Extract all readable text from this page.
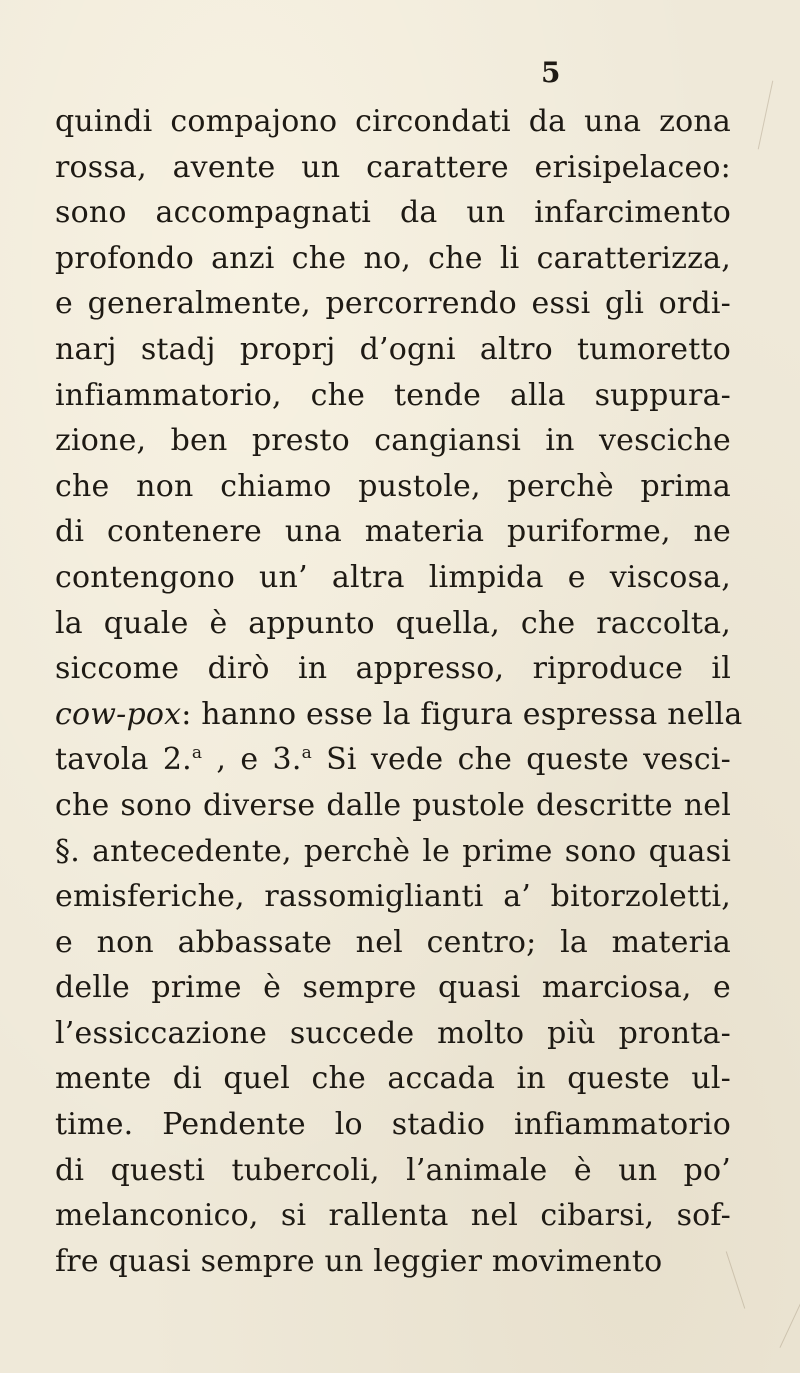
5
quindi compajono circondati da una zona
rossa, avente un carattere erisipelaceo:
sono accompagnati da un infarcimento
profondo anzi che no, che li caratterizza,
e generalmente, percorrendo essi gli ordi-
narj stadj proprj d’ogni altro tumoretto
infiammatorio, che tende alla suppura-
zione, ben presto cangiansi in vesciche
che non chiamo pustole, perchè prima
di contenere una materia puriforme, ne
contengono un’ altra limpida e viscosa,
la quale è appunto quella, che raccolta,
siccome dirò in appresso, riproduce il
cow-pox: hanno esse la figura espressa nella
tavola 2.$^a$ , e 3.$^a$ Si vede che queste vesci-
che sono diverse dalle pustole descritte nel
§. antecedente, perchè le prime sono quasi
emisferiche, rassomiglianti a’ bitorzoletti,
e non abbassate nel centro; la materia
delle prime è sempre quasi marciosa, e
l’essiccazione succede molto più pronta-
mente di quel che accada in queste ul-
time. Pendente lo stadio infiammatorio
di questi tubercoli, l’animale è un po’
melanconico, si rallenta nel cibarsi, sof-
fre quasi sempre un leggier movimento
